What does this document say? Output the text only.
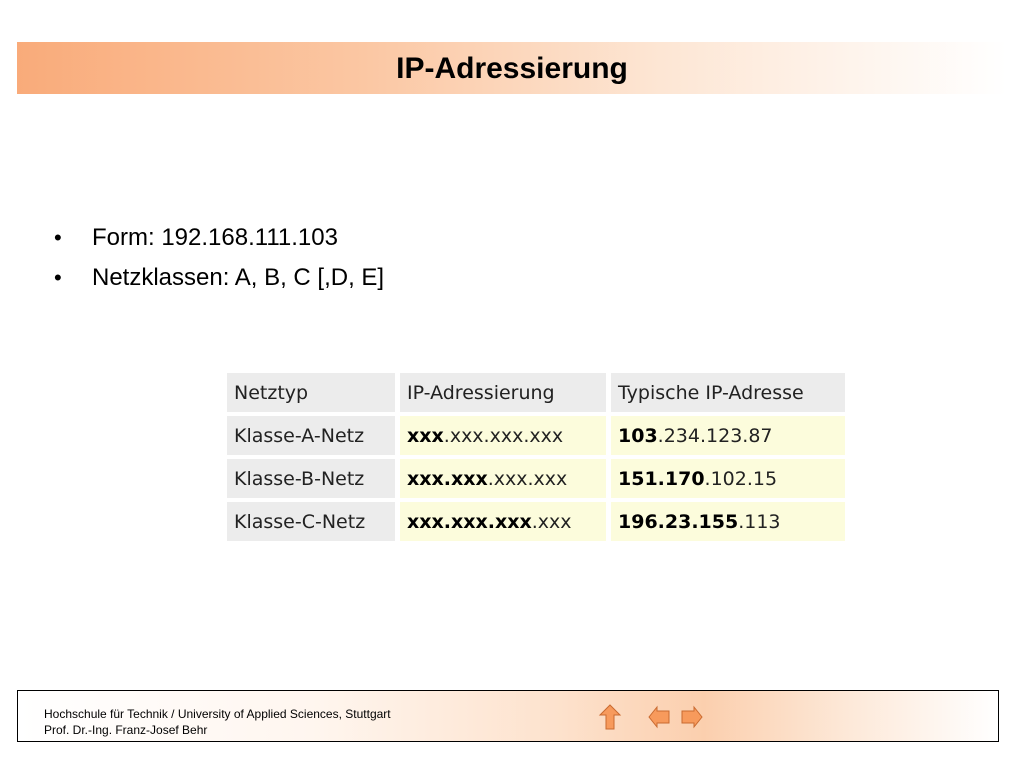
IP-Adressierung
• Form: 192.168.111.103
• Netzklassen: A, B, C [,D, E]
Netztyp	IP-Adressierung	Typische IP-Adresse
Klasse-A-Netz	xxx.xxx.xxx.xxx	103.234.123.87
Klasse-B-Netz	xxx.xxx.xxx.xxx	151.170.102.15
Klasse-C-Netz	xxx.xxx.xxx.xxx	196.23.155.113
Hochschule für Technik / University of Applied Sciences, Stuttgart
Prof. Dr.-Ing. Franz-Josef Behr
